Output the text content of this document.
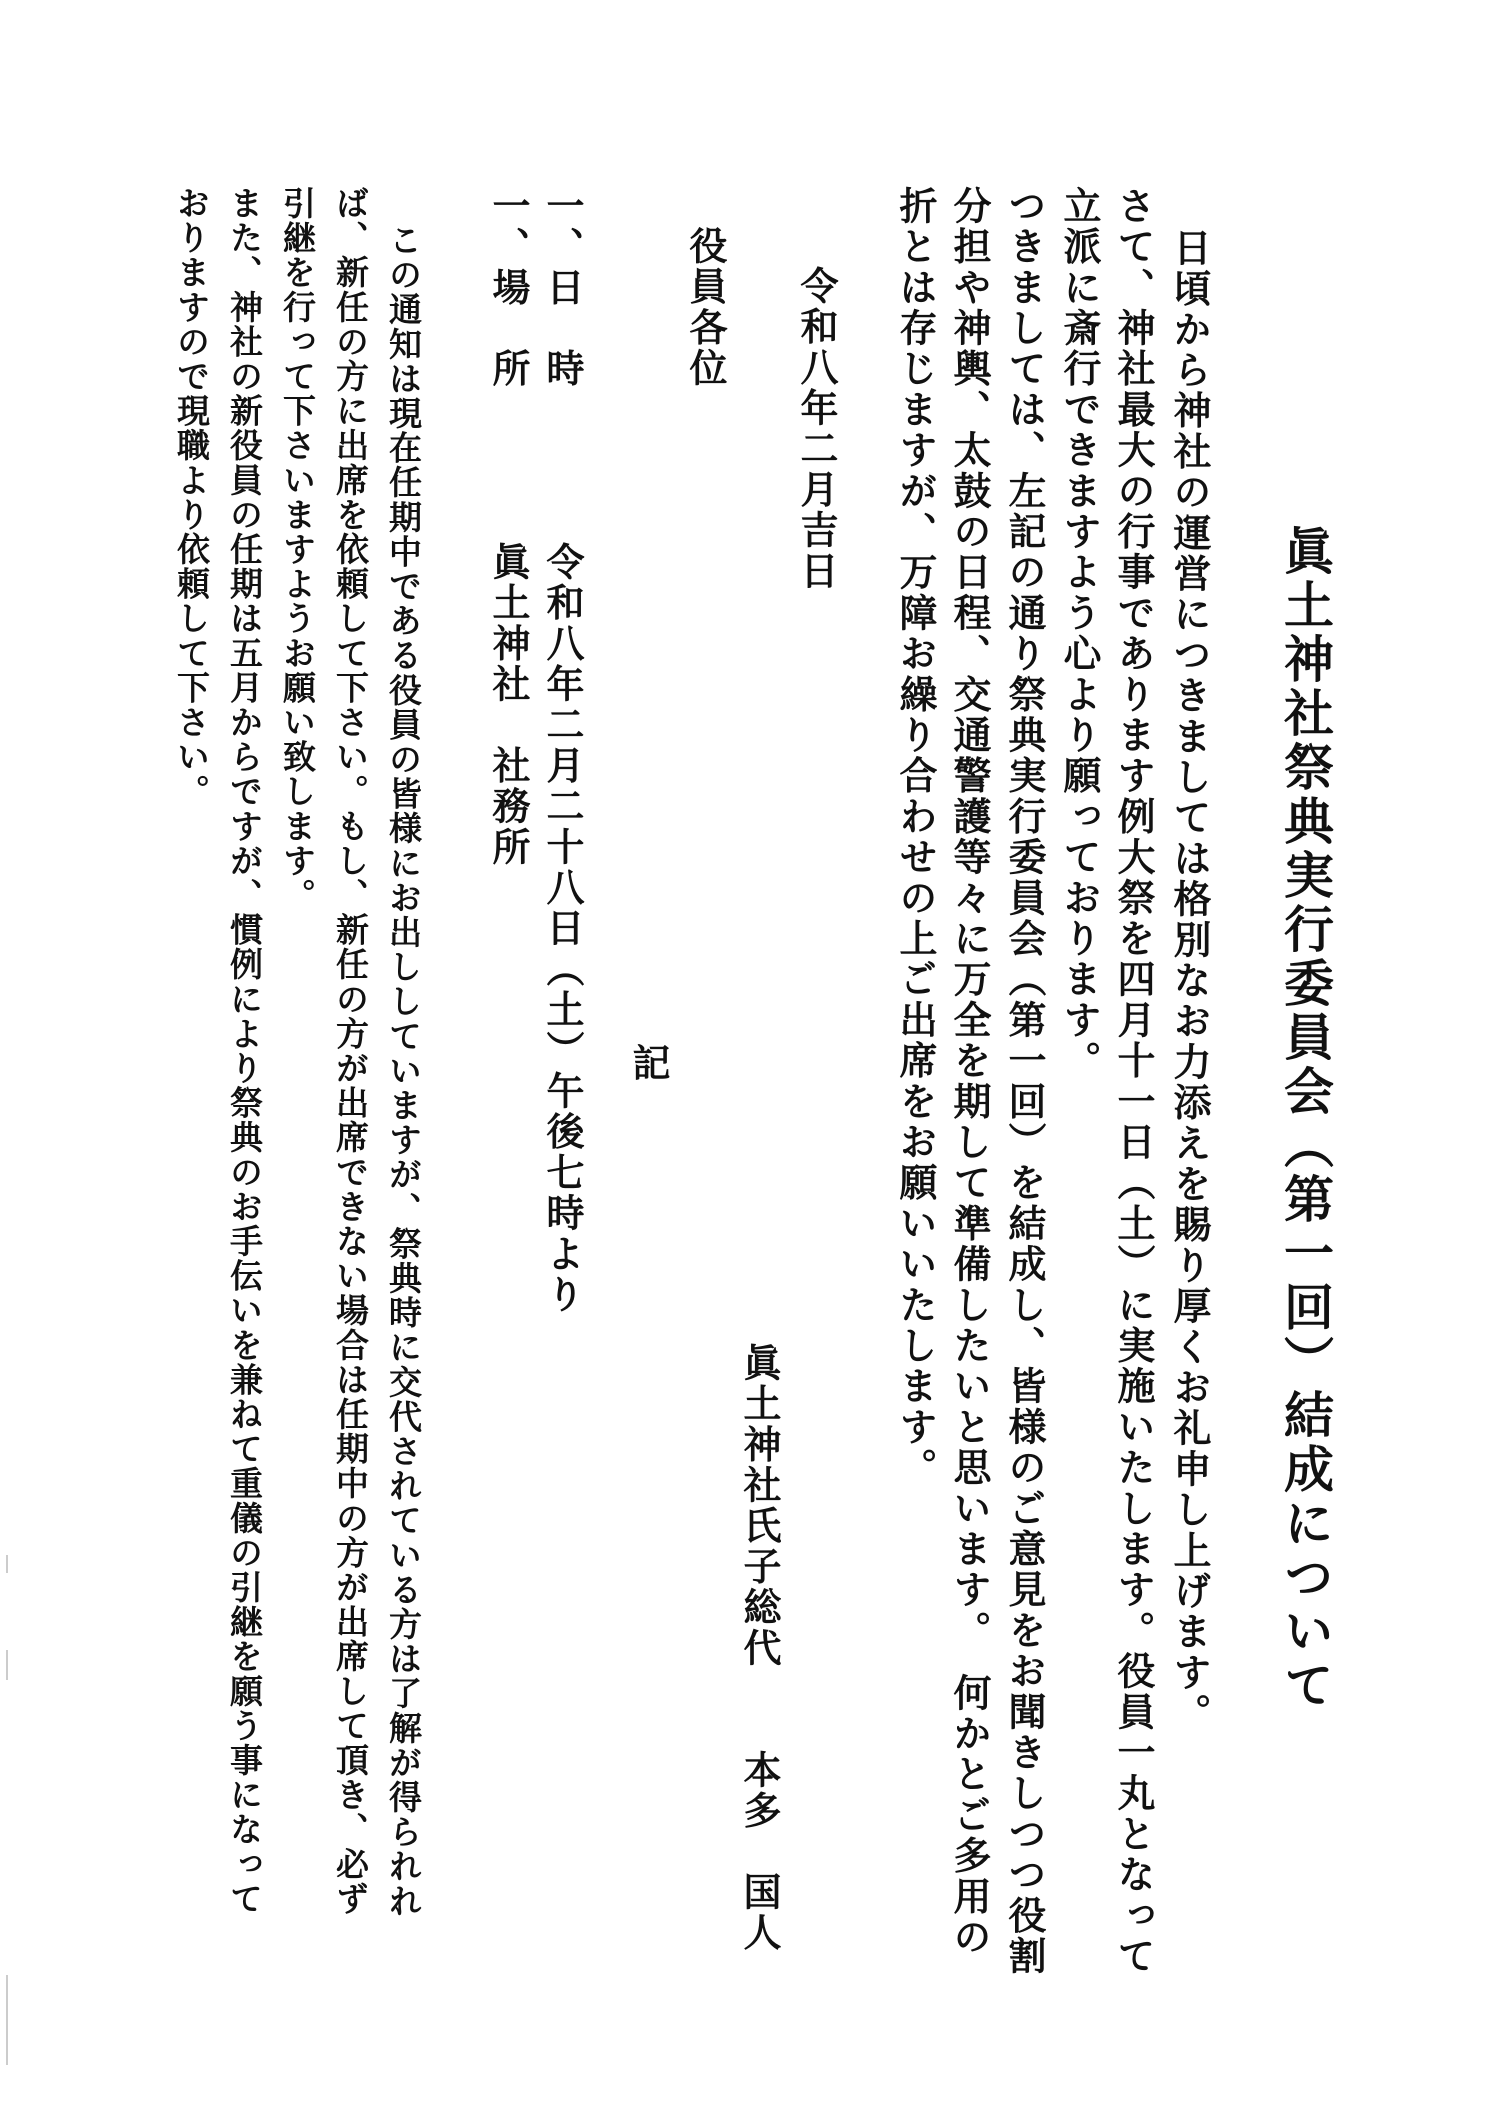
眞土神社祭典実行委員会（第一回）結成について

日頃から神社の運営につきましては格別なお力添えを賜り厚くお礼申し上げます。

さて、神社最大の行事であります例大祭を四月十一日（土）に実施いたします。役員一丸となって

立派に斎行できますよう心より願っております。

つきましては、左記の通り祭典実行委員会（第一回）を結成し、皆様のご意見をお聞きしつつ役割

分担や神輿、太鼓の日程、交通警護等々に万全を期して準備したいと思います。　何かとご多用の

折とは存じますが、万障お繰り合わせの上ご出席をお願いいたします。

令和八年二月吉日

眞土神社氏子総代　　本多　国人

役員各位

記

一、日　時

令和八年二月二十八日（土）午後七時より

一、場　所

眞土神社　社務所

この通知は現在任期中である役員の皆様にお出ししていますが、祭典時に交代されている方は了解が得られれ

ば、新任の方に出席を依頼して下さい。もし、新任の方が出席できない場合は任期中の方が出席して頂き、必ず

引継を行って下さいますようお願い致します。

また、神社の新役員の任期は五月からですが、慣例により祭典のお手伝いを兼ねて重儀の引継を願う事になって

おりますので現職より依頼して下さい。
